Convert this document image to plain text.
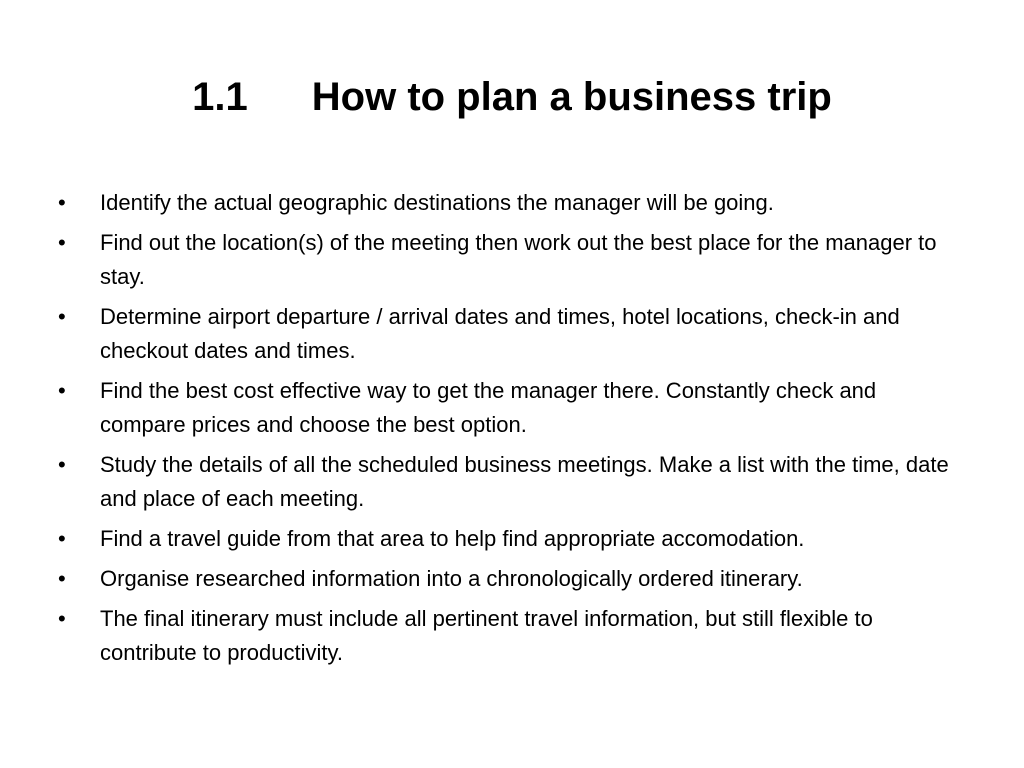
1.1 How to plan a business trip
•	Identify the actual geographic destinations the manager will be going.
•	Find out the location(s) of the meeting then work out the best place for the manager to stay.
•	Determine airport departure / arrival dates and times, hotel locations, check-in and checkout dates and times.
•	Find the best cost effective way to get the manager there. Constantly check and compare prices and choose the best option.
•	Study the details of all the scheduled business meetings. Make a list with the time, date and place of each meeting.
•	Find a travel guide from that area to help find appropriate accomodation.
•	Organise researched information into a chronologically ordered itinerary.
•	The final itinerary must include all pertinent travel information, but still flexible to contribute to productivity.
